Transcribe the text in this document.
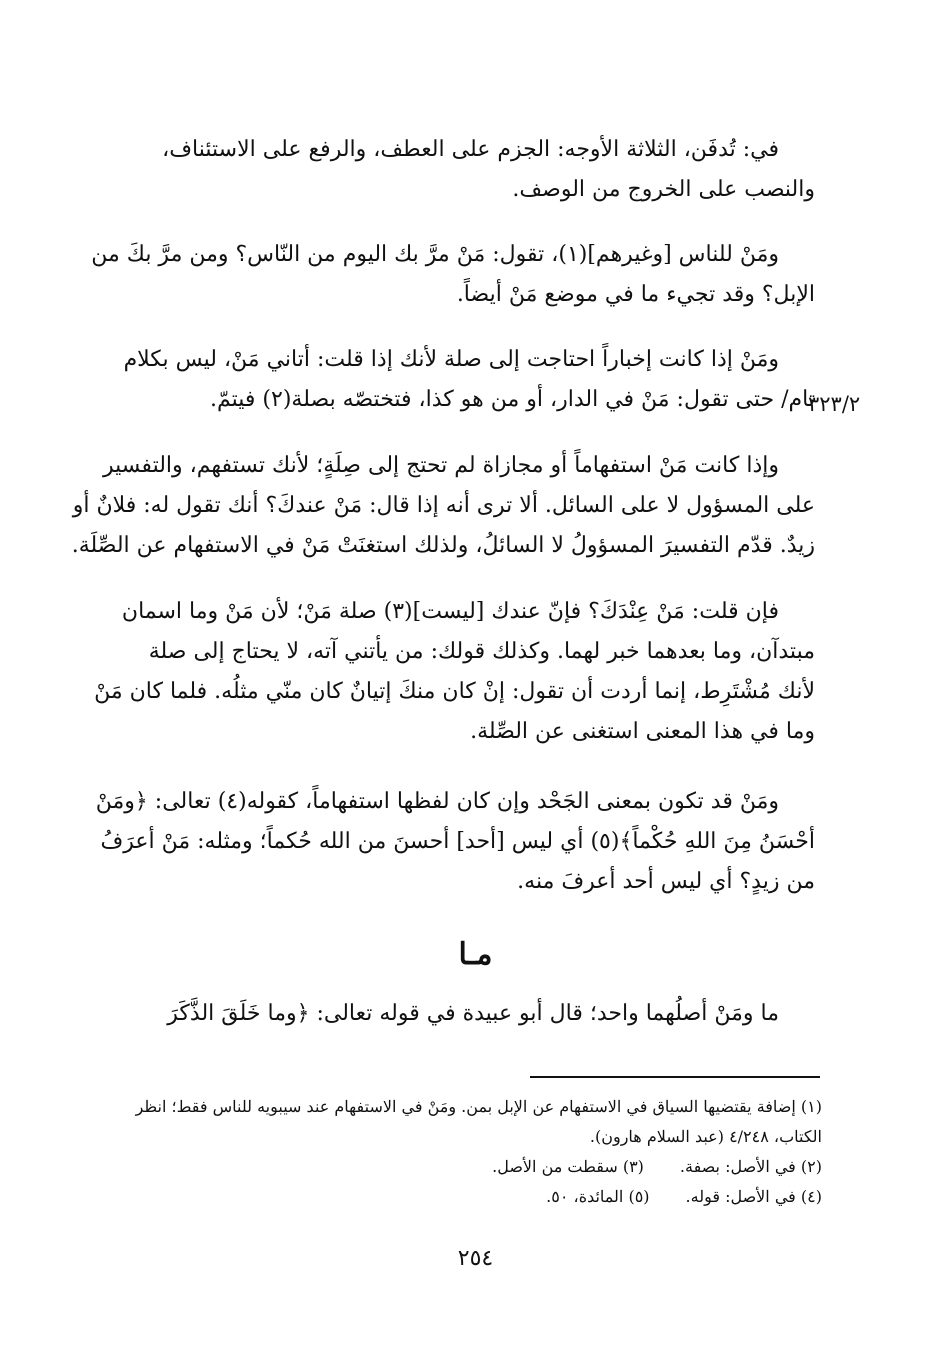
في: تُدفَن، الثلاثة الأوجه: الجزم على العطف، والرفع على الاستئناف،
والنصب على الخروج من الوصف.

ومَنْ للناس [وغيرهم](١)، تقول: مَنْ مرَّ بك اليوم من النّاس؟ ومن مرَّ بكَ من
الإبل؟ وقد تجيء ما في موضع مَنْ أيضاً.

ومَنْ إذا كانت إخباراً احتاجت إلى صلة لأنك إذا قلت: أتاني مَنْ، ليس بكلام
تام/ حتى تقول: مَنْ في الدار، أو من هو كذا، فتختصّه بصلة(٢) فيتمّ.

٣٢٣/٢

وإذا كانت مَنْ استفهاماً أو مجازاة لم تحتج إلى صِلَةٍ؛ لأنك تستفهم، والتفسير
على المسؤول لا على السائل. ألا ترى أنه إذا قال: مَنْ عندكَ؟ أنك تقول له: فلانٌ أو
زيدٌ. قدّم التفسيرَ المسؤولُ لا السائلُ، ولذلك استغنَتْ مَنْ في الاستفهام عن الصِّلَة.

فإن قلت: مَنْ عِنْدَكَ؟ فإنّ عندك [ليست](٣) صلة مَنْ؛ لأن مَنْ وما اسمان
مبتدآن، وما بعدهما خبر لهما. وكذلك قولك: من يأتني آته، لا يحتاج إلى صلة
لأنك مُشْتَرِط، إنما أردت أن تقول: إنْ كان منكَ إتيانٌ كان منّي مثلُه. فلما كان مَنْ
وما في هذا المعنى استغنى عن الصِّلة.

ومَنْ قد تكون بمعنى الجَحْد وإن كان لفظها استفهاماً، كقوله(٤) تعالى: ﴿ومَنْ
أحْسَنُ مِنَ اللهِ حُكْماً﴾(٥) أي ليس [أحد] أحسنَ من الله حُكماً؛ ومثله: مَنْ أعرَفُ
من زيدٍ؟ أي ليس أحد أعرفَ منه.

مـا

ما ومَنْ أصلُهما واحد؛ قال أبو عبيدة في قوله تعالى: ﴿وما خَلَقَ الذَّكَرَ

(١) إضافة يقتضيها السياق في الاستفهام عن الإبل بمن. ومَنْ في الاستفهام عند سيبويه للناس فقط؛ انظر
الكتاب، ٤/٢٤٨ (عبد السلام هارون).
(٢) في الأصل: بصفة.(٣) سقطت من الأصل.
(٤) في الأصل: قوله.(٥) المائدة، ٥٠.
٢٥٤
